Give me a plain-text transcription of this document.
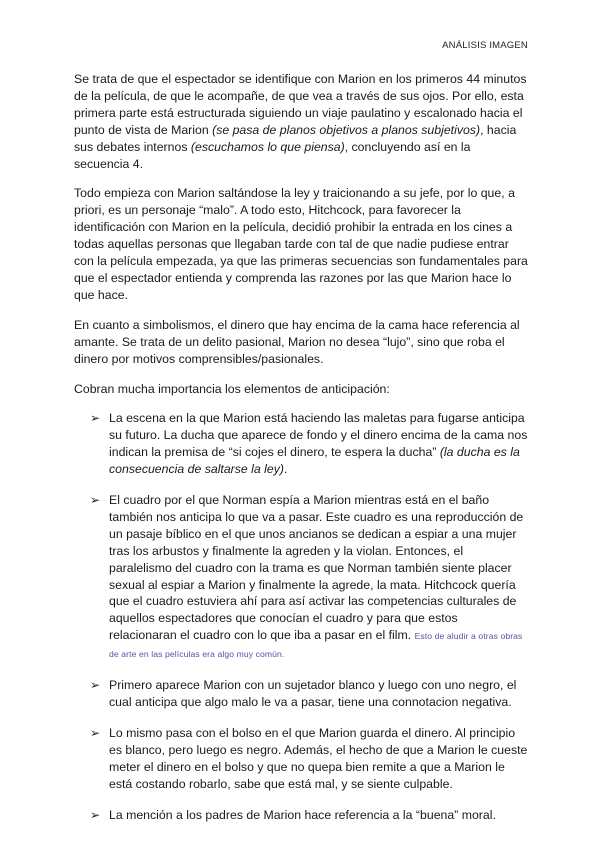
ANÁLISIS IMAGEN

Se trata de que el espectador se identifique con Marion en los primeros 44 minutos de la película, de que le acompañe, de que vea a través de sus ojos. Por ello, esta primera parte está estructurada siguiendo un viaje paulatino y escalonado hacia el punto de vista de Marion (se pasa de planos objetivos a planos subjetivos), hacia sus debates internos (escuchamos lo que piensa), concluyendo así en la secuencia 4.

Todo empieza con Marion saltándose la ley y traicionando a su jefe, por lo que, a priori, es un personaje “malo”. A todo esto, Hitchcock, para favorecer la identificación con Marion en la película, decidió prohibir la entrada en los cines a todas aquellas personas que llegaban tarde con tal de que nadie pudiese entrar con la película empezada, ya que las primeras secuencias son fundamentales para que el espectador entienda y comprenda las razones por las que Marion hace lo que hace.

En cuanto a simbolismos, el dinero que hay encima de la cama hace referencia al amante. Se trata de un delito pasional, Marion no desea “lujo”, sino que roba el dinero por motivos comprensibles/pasionales.

Cobran mucha importancia los elementos de anticipación:

➢ La escena en la que Marion está haciendo las maletas para fugarse anticipa su futuro. La ducha que aparece de fondo y el dinero encima de la cama nos indican la premisa de “si cojes el dinero, te espera la ducha” (la ducha es la consecuencia de saltarse la ley).
➢ El cuadro por el que Norman espía a Marion mientras está en el baño también nos anticipa lo que va a pasar. Este cuadro es una reproducción de un pasaje bíblico en el que unos ancianos se dedican a espiar a una mujer tras los arbustos y finalmente la agreden y la violan. Entonces, el paralelismo del cuadro con la trama es que Norman también siente placer sexual al espiar a Marion y finalmente la agrede, la mata. Hitchcock quería que el cuadro estuviera ahí para así activar las competencias culturales de aquellos espectadores que conocían el cuadro y para que estos relacionaran el cuadro con lo que iba a pasar en el film. Esto de aludir a otras obras de arte en las películas era algo muy común.
➢ Primero aparece Marion con un sujetador blanco y luego con uno negro, el cual anticipa que algo malo le va a pasar, tiene una connotacion negativa.
➢ Lo mismo pasa con el bolso en el que Marion guarda el dinero. Al principio es blanco, pero luego es negro. Además, el hecho de que a Marion le cueste meter el dinero en el bolso y que no quepa bien remite a que a Marion le está costando robarlo, sabe que está mal, y se siente culpable.
➢ La mención a los padres de Marion hace referencia a la “buena” moral.
